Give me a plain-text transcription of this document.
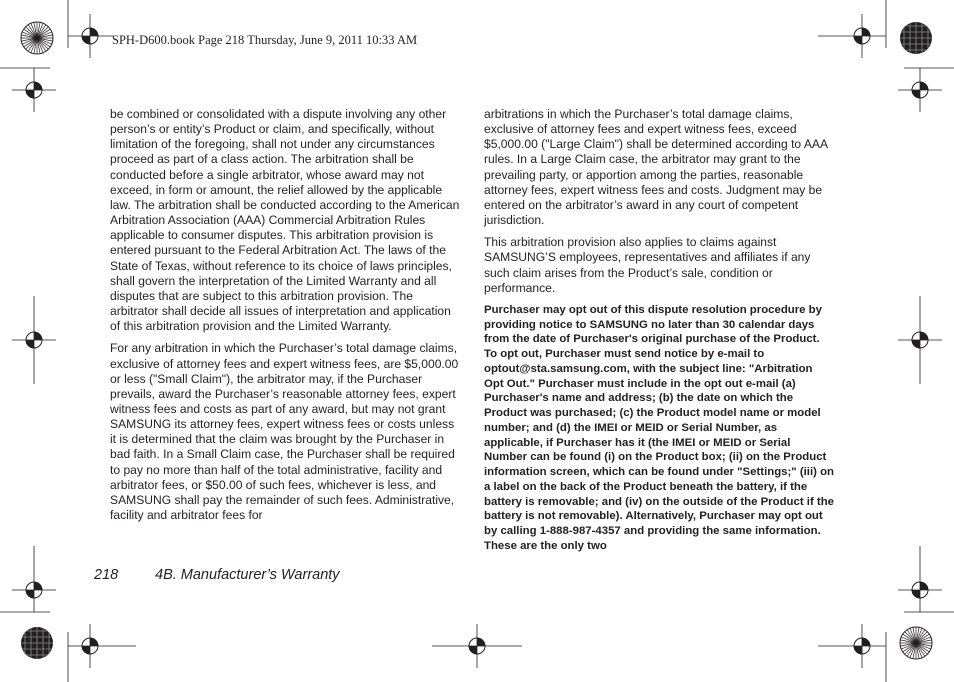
SPH-D600.book Page 218 Thursday, June 9, 2011 10:33 AM

be combined or consolidated with a dispute involving any other person’s or entity’s Product or claim, and specifically, without limitation of the foregoing, shall not under any circumstances proceed as part of a class action. The arbitration shall be conducted before a single arbitrator, whose award may not exceed, in form or amount, the relief allowed by the applicable law. The arbitration shall be conducted according to the American Arbitration Association (AAA) Commercial Arbitration Rules applicable to consumer disputes. This arbitration provision is entered pursuant to the Federal Arbitration Act. The laws of the State of Texas, without reference to its choice of laws principles, shall govern the interpretation of the Limited Warranty and all disputes that are subject to this arbitration provision. The arbitrator shall decide all issues of interpretation and application of this arbitration provision and the Limited Warranty.

For any arbitration in which the Purchaser’s total damage claims, exclusive of attorney fees and expert witness fees, are $5,000.00 or less ("Small Claim"), the arbitrator may, if the Purchaser prevails, award the Purchaser’s reasonable attorney fees, expert witness fees and costs as part of any award, but may not grant SAMSUNG its attorney fees, expert witness fees or costs unless it is determined that the claim was brought by the Purchaser in bad faith. In a Small Claim case, the Purchaser shall be required to pay no more than half of the total administrative, facility and arbitrator fees, or $50.00 of such fees, whichever is less, and SAMSUNG shall pay the remainder of such fees. Administrative, facility and arbitrator fees for

arbitrations in which the Purchaser’s total damage claims, exclusive of attorney fees and expert witness fees, exceed $5,000.00 ("Large Claim") shall be determined according to AAA rules. In a Large Claim case, the arbitrator may grant to the prevailing party, or apportion among the parties, reasonable attorney fees, expert witness fees and costs. Judgment may be entered on the arbitrator’s award in any court of competent jurisdiction.

This arbitration provision also applies to claims against SAMSUNG’S employees, representatives and affiliates if any such claim arises from the Product’s sale, condition or performance.

Purchaser may opt out of this dispute resolution procedure by providing notice to SAMSUNG no later than 30 calendar days from the date of Purchaser's original purchase of the Product. To opt out, Purchaser must send notice by e-mail to optout@sta.samsung.com, with the subject line: "Arbitration Opt Out." Purchaser must include in the opt out e-mail (a) Purchaser's name and address; (b) the date on which the Product was purchased; (c) the Product model name or model number; and (d) the IMEI or MEID or Serial Number, as applicable, if Purchaser has it (the IMEI or MEID or Serial Number can be found (i) on the Product box; (ii) on the Product information screen, which can be found under "Settings;" (iii) on a label on the back of the Product beneath the battery, if the battery is removable; and (iv) on the outside of the Product if the battery is not removable). Alternatively, Purchaser may opt out by calling 1-888-987-4357 and providing the same information. These are the only two

218	4B. Manufacturer’s Warranty
